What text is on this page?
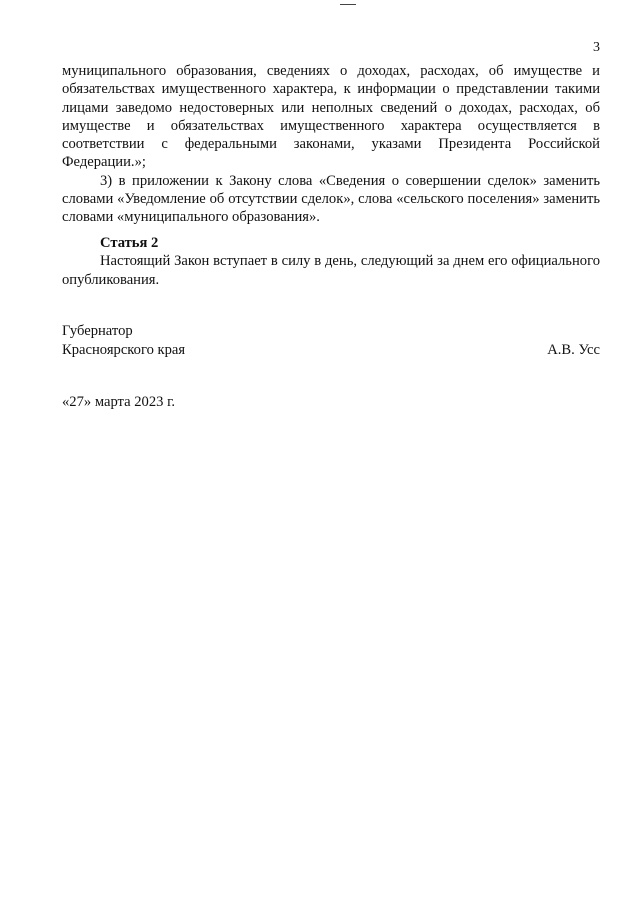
3

муниципального образования, сведениях о доходах, расходах, об имуществе и обязательствах имущественного характера, к информации о представлении такими лицами заведомо недостоверных или неполных сведений о доходах, расходах, об имуществе и обязательствах имущественного характера осуществляется в соответствии с федеральными законами, указами Президента Российской Федерации.»;

3) в приложении к Закону слова «Сведения о совершении сделок» заменить словами «Уведомление об отсутствии сделок», слова «сельского поселения» заменить словами «муниципального образования».

Статья 2

Настоящий Закон вступает в силу в день, следующий за днем его официального опубликования.

Губернатор
Красноярского края	А.В. Усс
«27» марта 2023 г.
